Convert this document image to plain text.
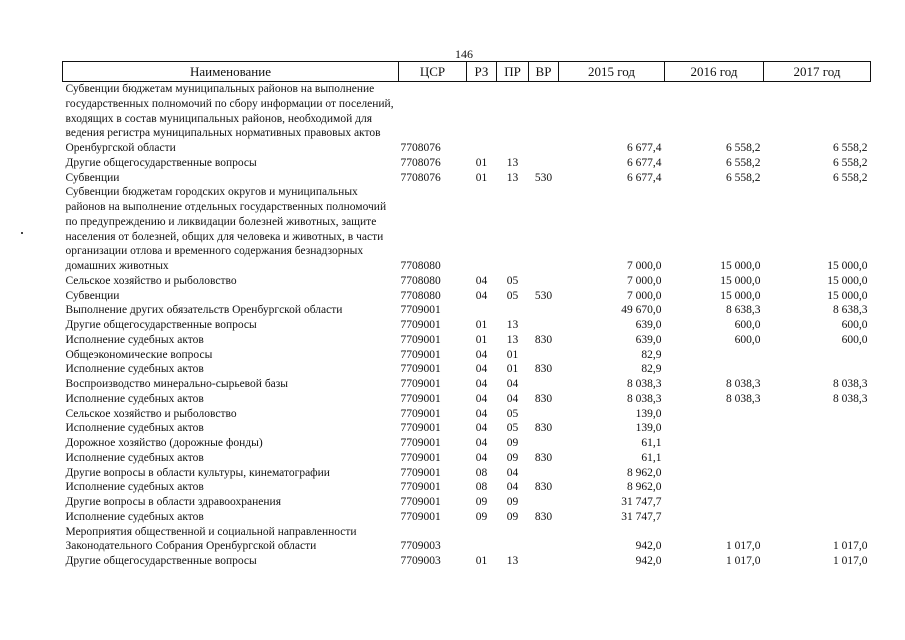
146
Наименование	ЦСР	РЗ	ПР	ВР	2015 год	2016 год	2017 год
Субвенции бюджетам муниципальных районов на выполнение государственных полномочий по сбору информации от поселений, входящих в состав муниципальных районов, необходимой для ведения регистра муниципальных нормативных правовых актов Оренбургской области	7708076				6 677,4	6 558,2	6 558,2
Другие общегосударственные вопросы	7708076	01	13		6 677,4	6 558,2	6 558,2
Субвенции	7708076	01	13	530	6 677,4	6 558,2	6 558,2
Субвенции бюджетам городских округов и муниципальных районов на выполнение отдельных государственных полномочий по предупреждению и ликвидации болезней животных, защите населения от болезней, общих для человека и животных, в части организации отлова и временного содержания безнадзорных домашних животных	7708080				7 000,0	15 000,0	15 000,0
Сельское хозяйство и рыболовство	7708080	04	05		7 000,0	15 000,0	15 000,0
Субвенции	7708080	04	05	530	7 000,0	15 000,0	15 000,0
Выполнение других обязательств Оренбургской области	7709001				49 670,0	8 638,3	8 638,3
Другие общегосударственные вопросы	7709001	01	13		639,0	600,0	600,0
Исполнение судебных актов	7709001	01	13	830	639,0	600,0	600,0
Общеэкономические вопросы	7709001	04	01		82,9		
Исполнение судебных актов	7709001	04	01	830	82,9		
Воспроизводство минерально-сырьевой базы	7709001	04	04		8 038,3	8 038,3	8 038,3
Исполнение судебных актов	7709001	04	04	830	8 038,3	8 038,3	8 038,3
Сельское хозяйство и рыболовство	7709001	04	05		139,0		
Исполнение судебных актов	7709001	04	05	830	139,0		
Дорожное хозяйство (дорожные фонды)	7709001	04	09		61,1		
Исполнение судебных актов	7709001	04	09	830	61,1		
Другие вопросы в области культуры, кинематографии	7709001	08	04		8 962,0		
Исполнение судебных актов	7709001	08	04	830	8 962,0		
Другие вопросы в области здравоохранения	7709001	09	09		31 747,7		
Исполнение судебных актов	7709001	09	09	830	31 747,7		
Мероприятия общественной и социальной направленности Законодательного Собрания Оренбургской области	7709003				942,0	1 017,0	1 017,0
Другие общегосударственные вопросы	7709003	01	13		942,0	1 017,0	1 017,0
